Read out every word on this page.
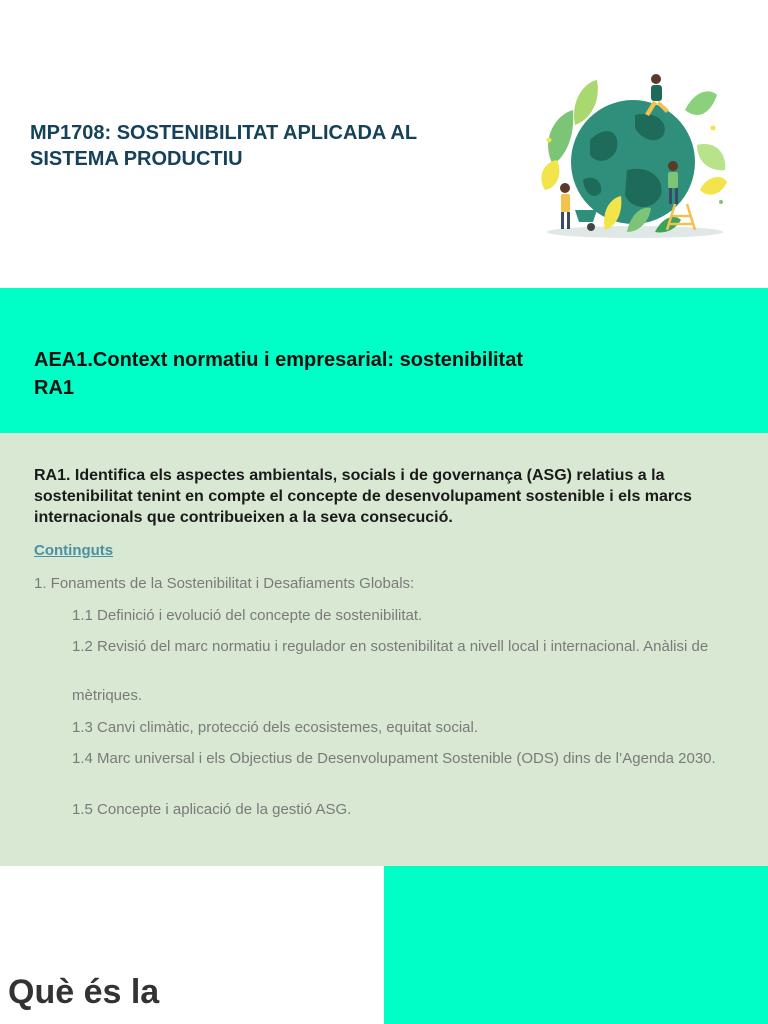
MP1708: SOSTENIBILITAT APLICADA AL SISTEMA PRODUCTIU
AEA1.Context normatiu i empresarial: sostenibilitat
RA1

RA1. Identifica els aspectes ambientals, socials i de governança (ASG) relatius a la sostenibilitat tenint en compte el concepte de desenvolupament sostenible i els marcs internacionals que contribueixen a la seva consecució.

Continguts
1. Fonaments de la Sostenibilitat i Desafiaments Globals:
1.1 Definició i evolució del concepte de sostenibilitat.
1.2 Revisió del marc normatiu i regulador en sostenibilitat a nivell local i internacional. Anàlisi de
mètriques.
1.3 Canvi climàtic, protecció dels ecosistemes, equitat social.
1.4 Marc universal i els Objectius de Desenvolupament Sostenible (ODS) dins de l’Agenda 2030.
1.5 Concepte i aplicació de la gestió ASG.
Què és la
